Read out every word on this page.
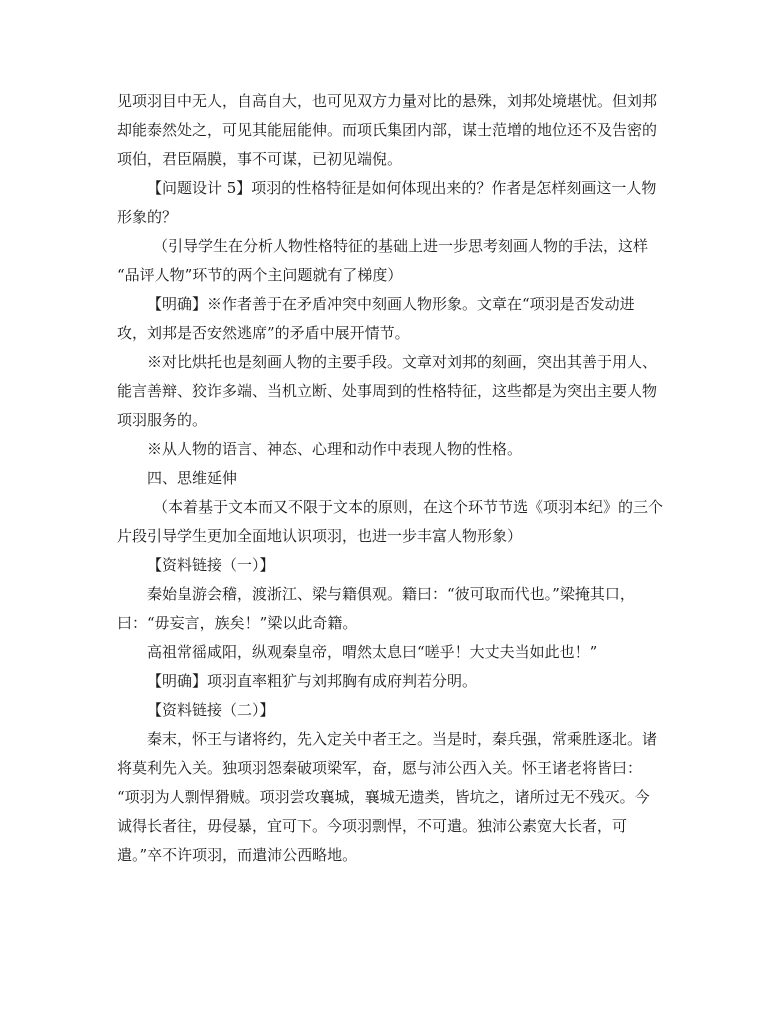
见项羽目中无人，自高自大，也可见双方力量对比的悬殊，刘邦处境堪忧。但刘邦
却能泰然处之，可见其能屈能伸。而项氏集团内部，谋士范增的地位还不及告密的
项伯，君臣隔膜，事不可谋，已初见端倪。
【问题设计 5】项羽的性格特征是如何体现出来的？作者是怎样刻画这一人物
形象的？
（引导学生在分析人物性格特征的基础上进一步思考刻画人物的手法，这样
“品评人物”环节的两个主问题就有了梯度）
【明确】※作者善于在矛盾冲突中刻画人物形象。文章在“项羽是否发动进
攻，刘邦是否安然逃席”的矛盾中展开情节。
※对比烘托也是刻画人物的主要手段。文章对刘邦的刻画，突出其善于用人、
能言善辩、狡诈多端、当机立断、处事周到的性格特征，这些都是为突出主要人物
项羽服务的。
※从人物的语言、神态、心理和动作中表现人物的性格。
四、思维延伸
（本着基于文本而又不限于文本的原则，在这个环节节选《项羽本纪》的三个
片段引导学生更加全面地认识项羽，也进一步丰富人物形象）
【资料链接（一）】
秦始皇游会稽，渡浙江、梁与籍俱观。籍曰：“彼可取而代也。”梁掩其口，
曰：“毋妄言，族矣！”梁以此奇籍。
高祖常徭咸阳，纵观秦皇帝，喟然太息曰“嗟乎！大丈夫当如此也！”
【明确】项羽直率粗犷与刘邦胸有成府判若分明。
【资料链接（二）】
秦末，怀王与诸将约，先入定关中者王之。当是时，秦兵强，常乘胜逐北。诸
将莫利先入关。独项羽怨秦破项梁军，奋，愿与沛公西入关。怀王诸老将皆曰：
“项羽为人剽悍猾贼。项羽尝攻襄城，襄城无遗类，皆坑之，诸所过无不残灭。今
诚得长者往，毋侵暴，宜可下。今项羽剽悍，不可遣。独沛公素宽大长者，可
遣。”卒不许项羽，而遣沛公西略地。
